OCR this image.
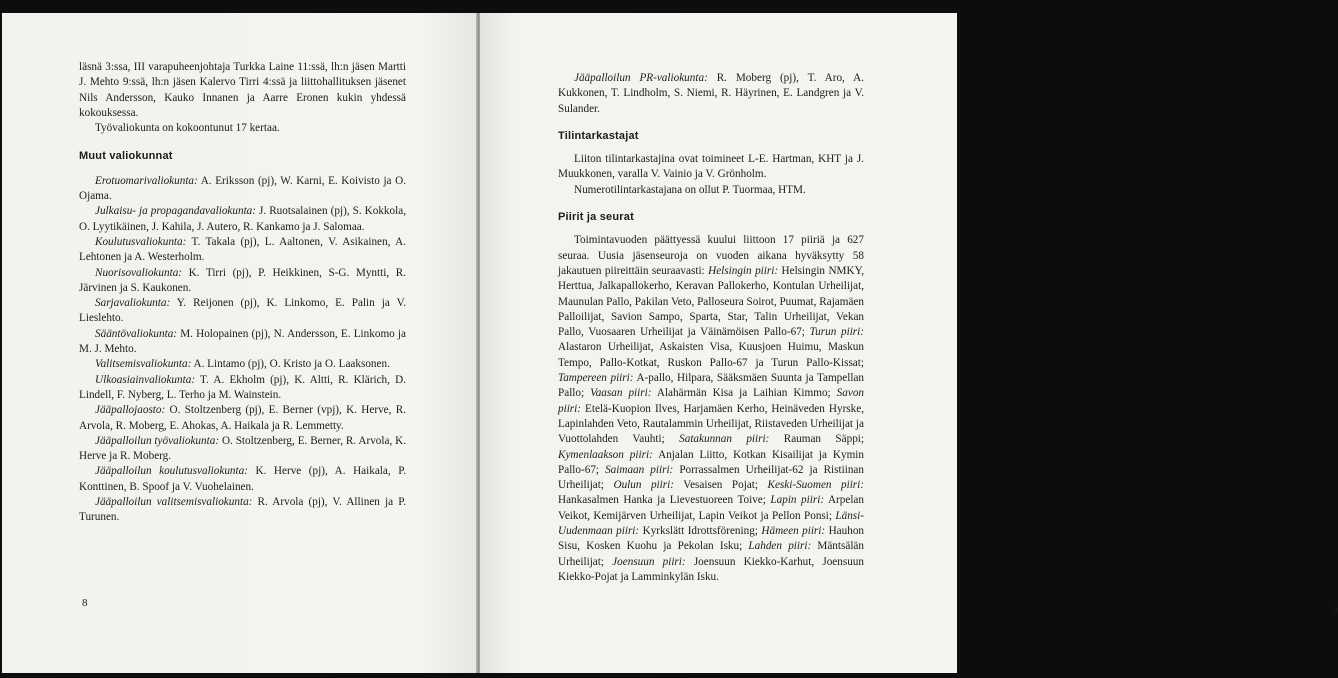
läsnä 3:ssa, III varapuheenjohtaja Turkka Laine 11:ssä, lh:n jäsen Martti J. Mehto 9:ssä, lh:n jäsen Kalervo Tirri 4:ssä ja liittohallituksen jäsenet Nils Andersson, Kauko Innanen ja Aarre Eronen kukin yhdessä kokouksessa.

Työvaliokunta on kokoontunut 17 kertaa.

Muut valiokunnat

Erotuomarivaliokunta: A. Eriksson (pj), W. Karni, E. Koivisto ja O. Ojama.

Julkaisu- ja propagandavaliokunta: J. Ruotsalainen (pj), S. Kokkola, O. Lyytikäinen, J. Kahila, J. Autero, R. Kankamo ja J. Salomaa.

Koulutusvaliokunta: T. Takala (pj), L. Aaltonen, V. Asikainen, A. Lehtonen ja A. Westerholm.

Nuorisovaliokunta: K. Tirri (pj), P. Heikkinen, S-G. Myntti, R. Järvinen ja S. Kaukonen.

Sarjavaliokunta: Y. Reijonen (pj), K. Linkomo, E. Palin ja V. Lieslehto.

Sääntövaliokunta: M. Holopainen (pj), N. Andersson, E. Linkomo ja M. J. Mehto.

Valitsemisvaliokunta: A. Lintamo (pj), O. Kristo ja O. Laaksonen.

Ulkoasiainvaliokunta: T. A. Ekholm (pj), K. Altti, R. Klärich, D. Lindell, F. Nyberg, L. Terho ja M. Wainstein.

Jääpallojaosto: O. Stoltzenberg (pj), E. Berner (vpj), K. Herve, R. Arvola, R. Moberg, E. Ahokas, A. Haikala ja R. Lemmetty.

Jääpalloilun työvaliokunta: O. Stoltzenberg, E. Berner, R. Arvola, K. Herve ja R. Moberg.

Jääpalloilun koulutusvaliokunta: K. Herve (pj), A. Haikala, P. Konttinen, B. Spoof ja V. Vuohelainen.

Jääpalloilun valitsemisvaliokunta: R. Arvola (pj), V. Allinen ja P. Turunen.

8

Jääpalloilun PR-valiokunta: R. Moberg (pj), T. Aro, A. Kukkonen, T. Lindholm, S. Niemi, R. Häyrinen, E. Landgren ja V. Sulander.

Tilintarkastajat

Liiton tilintarkastajina ovat toimineet L-E. Hartman, KHT ja J. Muukkonen, varalla V. Vainio ja V. Grönholm.

Numerotilintarkastajana on ollut P. Tuormaa, HTM.

Piirit ja seurat

Toimintavuoden päättyessä kuului liittoon 17 piiriä ja 627 seuraa. Uusia jäsenseuroja on vuoden aikana hyväksytty 58 jakautuen piireittäin seuraavasti: Helsingin piiri: Helsingin NMKY, Herttua, Jalkapallokerho, Keravan Pallokerho, Kontulan Urheilijat, Maunulan Pallo, Pakilan Veto, Palloseura Soirot, Puumat, Rajamäen Palloilijat, Savion Sampo, Sparta, Star, Talin Urheilijat, Vekan Pallo, Vuosaaren Urheilijat ja Väinämöisen Pallo-67; Turun piiri: Alastaron Urheilijat, Askaisten Visa, Kuusjoen Huimu, Maskun Tempo, Pallo-Kotkat, Ruskon Pallo-67 ja Turun Pallo-Kissat; Tampereen piiri: A-pallo, Hilpara, Sääksmäen Suunta ja Tampellan Pallo; Vaasan piiri: Alahärmän Kisa ja Laihian Kimmo; Savon piiri: Etelä-Kuopion Ilves, Harjamäen Kerho, Heinäveden Hyrske, Lapinlahden Veto, Rautalammin Urheilijat, Riistaveden Urheilijat ja Vuottolahden Vauhti; Satakunnan piiri: Rauman Säppi; Kymenlaakson piiri: Anjalan Liitto, Kotkan Kisailijat ja Kymin Pallo-67; Saimaan piiri: Porrassalmen Urheilijat-62 ja Ristiinan Urheilijat; Oulun piiri: Vesaisen Pojat; Keski-Suomen piiri: Hankasalmen Hanka ja Lievestuoreen Toive; Lapin piiri: Arpelan Veikot, Kemijärven Urheilijat, Lapin Veikot ja Pellon Ponsi; Länsi-Uudenmaan piiri: Kyrkslätt Idrottsförening; Hämeen piiri: Hauhon Sisu, Kosken Kuohu ja Pekolan Isku; Lahden piiri: Mäntsälän Urheilijat; Joensuun piiri: Joensuun Kiekko-Karhut, Joensuun Kiekko-Pojat ja Lamminkylän Isku.

9
